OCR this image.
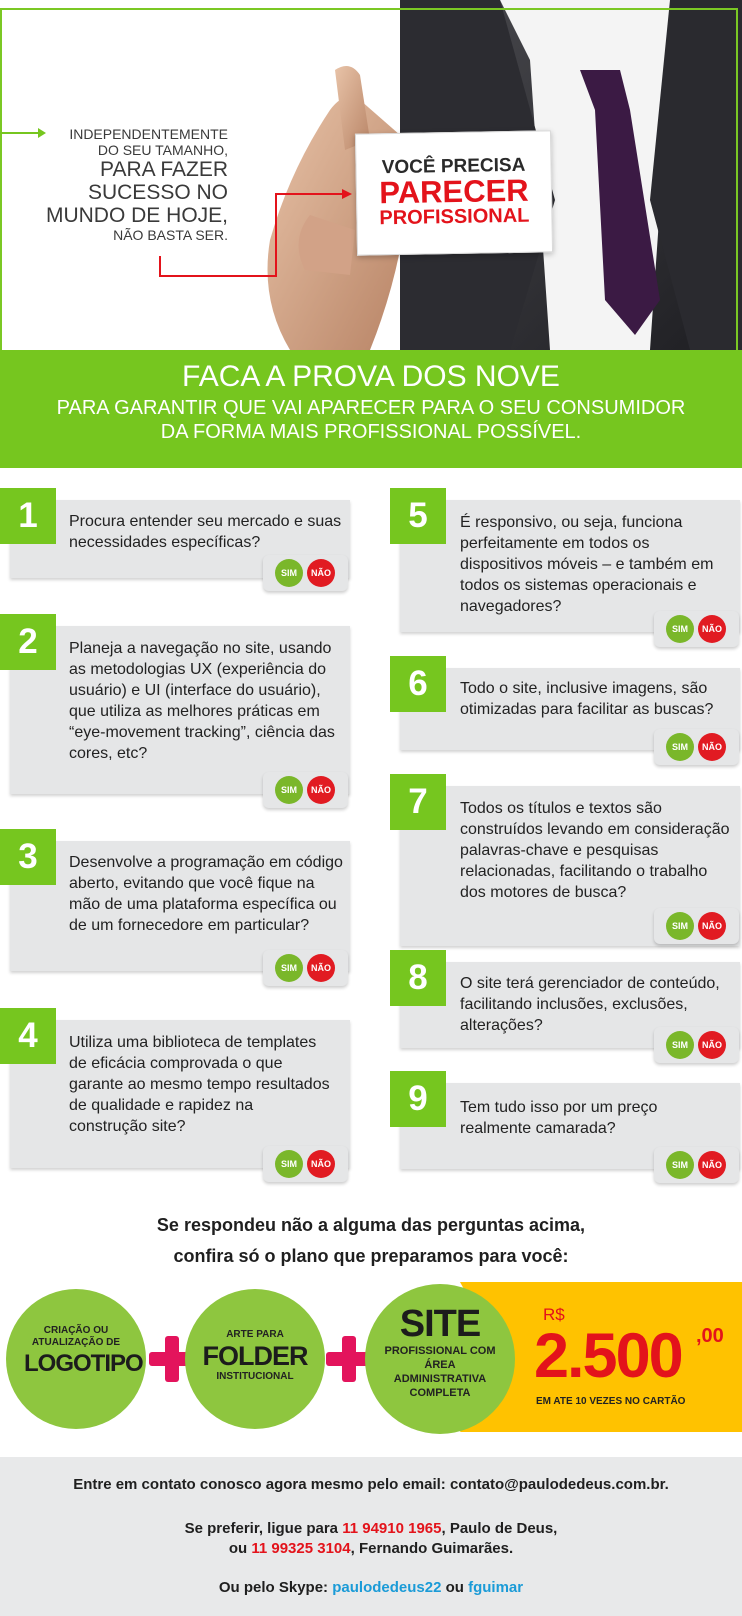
INDEPENDENTEMENTE
DO SEU TAMANHO,
PARA FAZER
SUCESSO NO
MUNDO DE HOJE,
NÃO BASTA SER.
VOCÊ PRECISA
PARECER
PROFISSIONAL
FACA A PROVA DOS NOVE
PARA GARANTIR QUE VAI APARECER PARA O SEU CONSUMIDOR
DA FORMA MAIS PROFISSIONAL POSSÍVEL.
1	Procura entender seu mercado e suas necessidades específicas?
SIM	NÃO
2	Planeja a navegação no site, usando as metodologias UX (experiência do usuário) e UI (interface do usuário), que utiliza as melhores práticas em “eye-movement tracking”, ciência das cores, etc?
SIM	NÃO
3	Desenvolve a programação em código aberto, evitando que você fique na mão de uma plataforma específica ou de um fornecedore em particular?
SIM	NÃO
4	Utiliza uma biblioteca de templates de eficácia comprovada o que garante ao mesmo tempo resultados de qualidade e rapidez na construção site?
SIM	NÃO
5	É responsivo, ou seja, funciona perfeitamente em todos os dispositivos móveis – e também em todos os sistemas operacionais e navegadores?
SIM	NÃO
6	Todo o site, inclusive imagens, são otimizadas para facilitar as buscas?
SIM	NÃO
7	Todos os títulos e textos são construídos levando em consideração palavras-chave e pesquisas relacionadas, facilitando o trabalho dos motores de busca?
SIM	NÃO
8	O site terá gerenciador de conteúdo, facilitando inclusões, exclusões, alterações?
SIM	NÃO
9	Tem tudo isso por um preço realmente camarada?
SIM	NÃO
Se respondeu não a alguma das perguntas acima,
confira só o plano que preparamos para você:
CRIAÇÃO OU ATUALIZAÇÃO DE
LOGOTIPO
ARTE PARA
FOLDER
INSTITUCIONAL
SITE
PROFISSIONAL COM ÁREA ADMINISTRATIVA COMPLETA
R$
2.500 ,00
EM ATE 10 VEZES NO CARTÃO
Entre em contato conosco agora mesmo pelo email: contato@paulodedeus.com.br.
Se preferir, ligue para 11 94910 1965, Paulo de Deus,
ou 11 99325 3104, Fernando Guimarães.
Ou pelo Skype: paulodedeus22 ou fguimar
